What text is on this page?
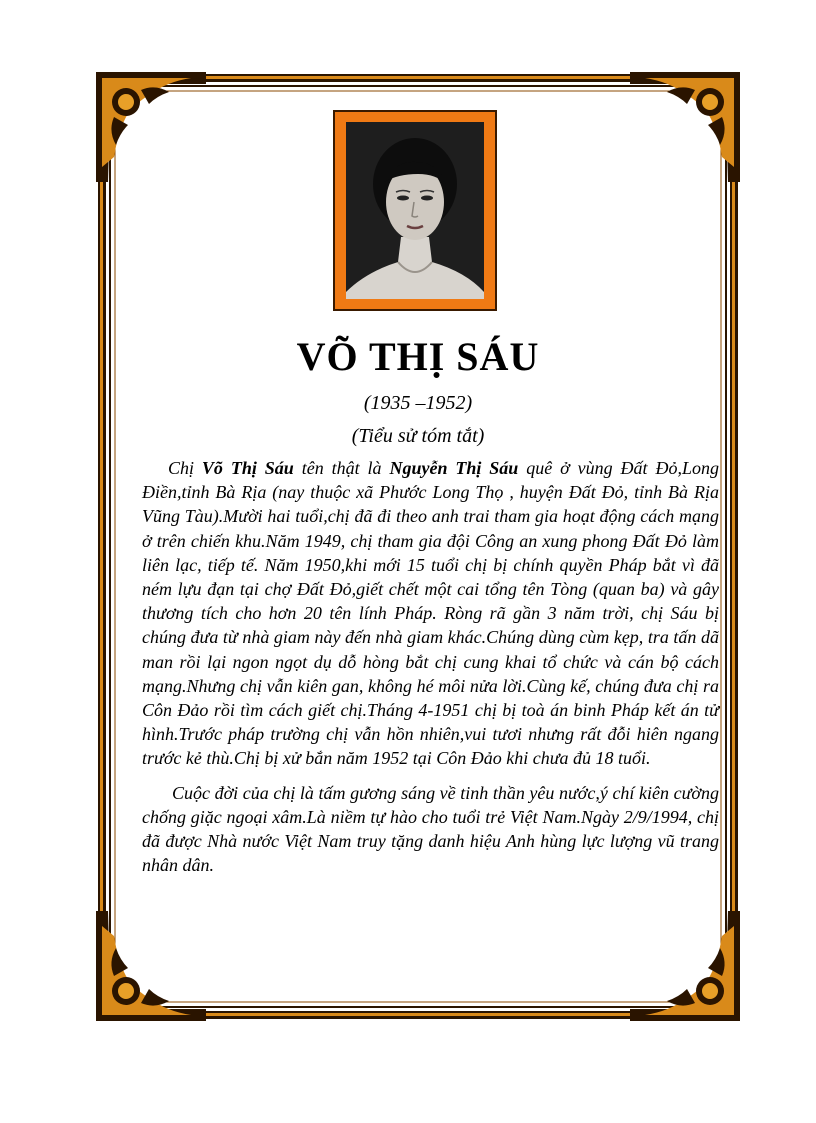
VÕ THỊ SÁU
(1935 –1952)
(Tiểu sử tóm tắt)

Chị Võ Thị Sáu tên thật là Nguyễn Thị Sáu quê ở vùng Đất Đỏ,Long Điền,tỉnh Bà Rịa (nay thuộc xã Phước Long Thọ , huyện Đất Đỏ, tỉnh Bà Rịa Vũng Tàu).Mười hai tuổi,chị đã đi theo anh trai tham gia hoạt động cách mạng ở trên chiến khu.Năm 1949, chị tham gia đội Công an xung phong Đất Đỏ làm liên lạc, tiếp tế. Năm 1950,khi mới 15 tuổi chị bị chính quyền Pháp bắt vì đã ném lựu đạn tại chợ Đất Đỏ,giết chết một cai tổng tên Tòng (quan ba) và gây thương tích cho hơn 20 tên lính Pháp. Ròng rã gần 3 năm trời, chị Sáu bị chúng đưa từ nhà giam này đến nhà giam khác.Chúng dùng cùm kẹp, tra tấn dã man rồi lại ngon ngọt dụ dỗ hòng bắt chị cung khai tổ chức và cán bộ cách mạng.Nhưng chị vẫn kiên gan, không hé môi nửa lời.Cùng kế, chúng đưa chị ra Côn Đảo rồi tìm cách giết chị.Tháng 4-1951 chị bị toà án binh Pháp kết án tử hình.Trước pháp trường chị vẫn hồn nhiên,vui tươi nhưng rất đỗi hiên ngang trước kẻ thù.Chị bị xử bắn năm 1952 tại Côn Đảo khi chưa đủ 18 tuổi.

Cuộc đời của chị là tấm gương sáng về tinh thần yêu nước,ý chí kiên cường chống giặc ngoại xâm.Là niềm tự hào cho tuổi trẻ Việt Nam.Ngày 2/9/1994, chị đã được Nhà nước Việt Nam truy tặng danh hiệu Anh hùng lực lượng vũ trang nhân dân.
